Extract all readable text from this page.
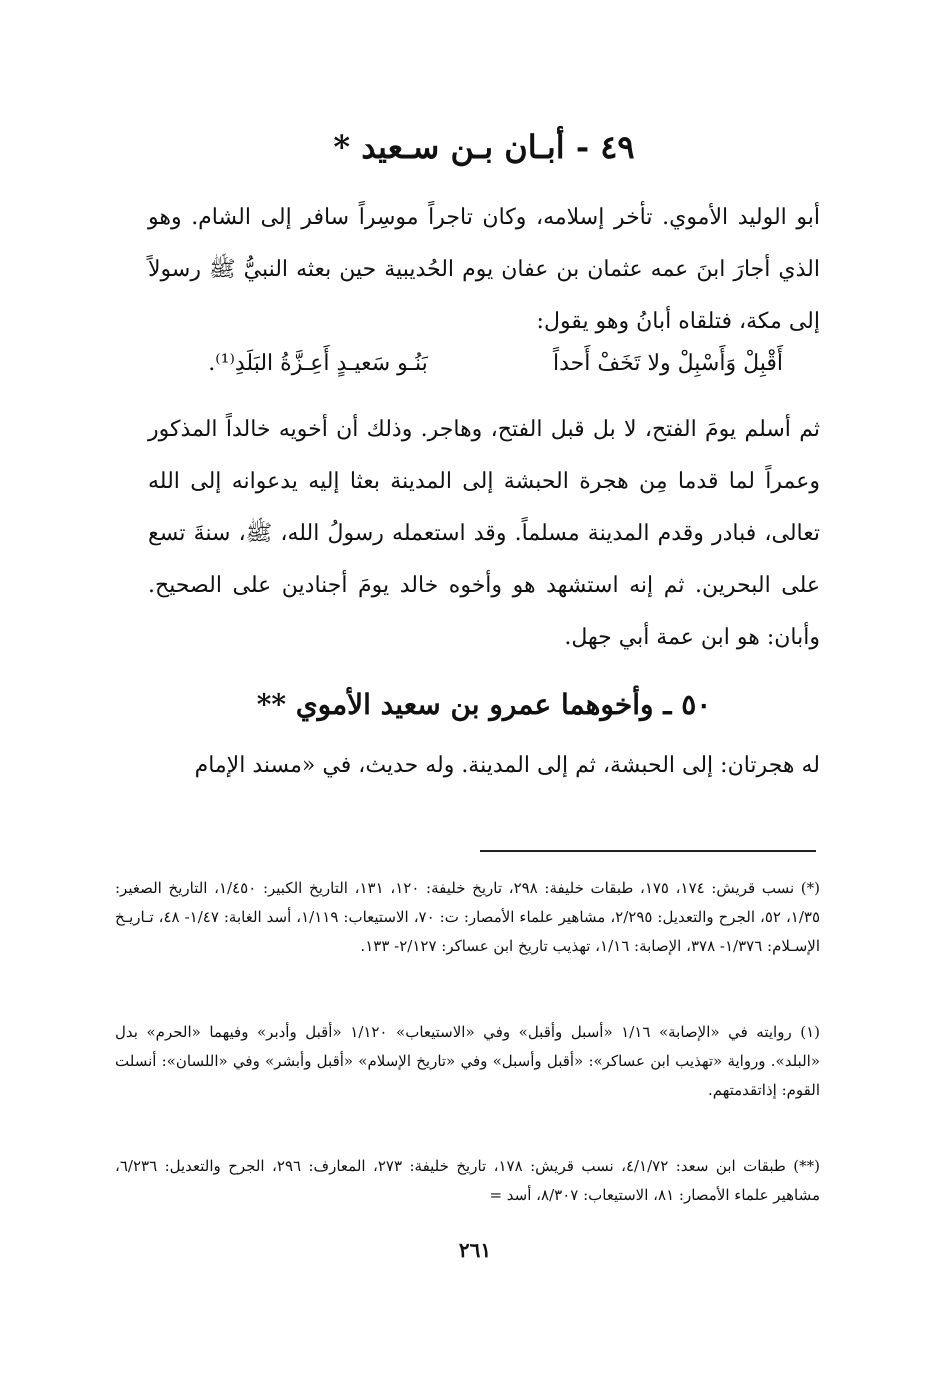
٤٩ - أبـان بـن سـعيد *
أبو الوليد الأموي. تأخر إسلامه، وكان تاجراً موسِراً سافر إلى الشام. وهو الذي أجارَ ابنَ عمه عثمان بن عفان يوم الحُديبية حين بعثه النبيُّ ﷺ رسولاً إلى مكة، فتلقاه أبانُ وهو يقول:
أَقْبِلْ وَأَسْبِلْ ولا تَخَفْ أَحداً
بَنُـو سَعيـدٍ أَعِـزَّةُ البَلَدِ⁽¹⁾.
ثم أسلم يومَ الفتح، لا بل قبل الفتح، وهاجر. وذلك أن أخويه خالداً المذكور وعمراً لما قدما مِن هجرة الحبشة إلى المدينة بعثا إليه يدعوانه إلى الله تعالى، فبادر وقدم المدينة مسلماً. وقد استعمله رسولُ الله، ﷺ، سنةَ تسع على البحرين. ثم إنه استشهد هو وأخوه خالد يومَ أجنادين على الصحيح. وأبان: هو ابن عمة أبي جهل.
٥٠ ـ وأخوهما عمرو بن سعيد الأموي **
له هجرتان: إلى الحبشة، ثم إلى المدينة. وله حديث، في «مسند الإمام
(*) نسب قريش: ١٧٤، ١٧٥، طبقات خليفة: ٢٩٨، تاريخ خليفة: ١٢٠، ١٣١، التاريخ الكبير: ١/٤٥٠، التاريخ الصغير: ١/٣٥، ٥٢، الجرح والتعديل: ٢/٢٩٥، مشاهير علماء الأمصار: ت: ٧٠، الاستيعاب: ١/١١٩، أسد الغابة: ١/٤٧- ٤٨، تـاريـخ الإسـلام: ١/٣٧٦- ٣٧٨، الإصابة: ١/١٦، تهذيب تاريخ ابن عساكر: ٢/١٢٧- ١٣٣.
(١) روايته في «الإصابة» ١/١٦ «أسبل وأقبل» وفي «الاستيعاب» ١/١٢٠ «أقبل وأدبر» وفيهما «الحرم» بدل «البلد». ورواية «تهذيب ابن عساكر»: «أقبل وأسبل» وفي «تاريخ الإسلام» «أقبل وأبشر» وفي «اللسان»: أنسلت القوم: إذاتقدمتهم.
(**) طبقات ابن سعد: ٤/١/٧٢، نسب قريش: ١٧٨، تاريخ خليفة: ٢٧٣، المعارف: ٢٩٦، الجرح والتعديل: ٦/٢٣٦، مشاهير علماء الأمصار: ٨١، الاستيعاب: ٨/٣٠٧، أسد =
٢٦١
